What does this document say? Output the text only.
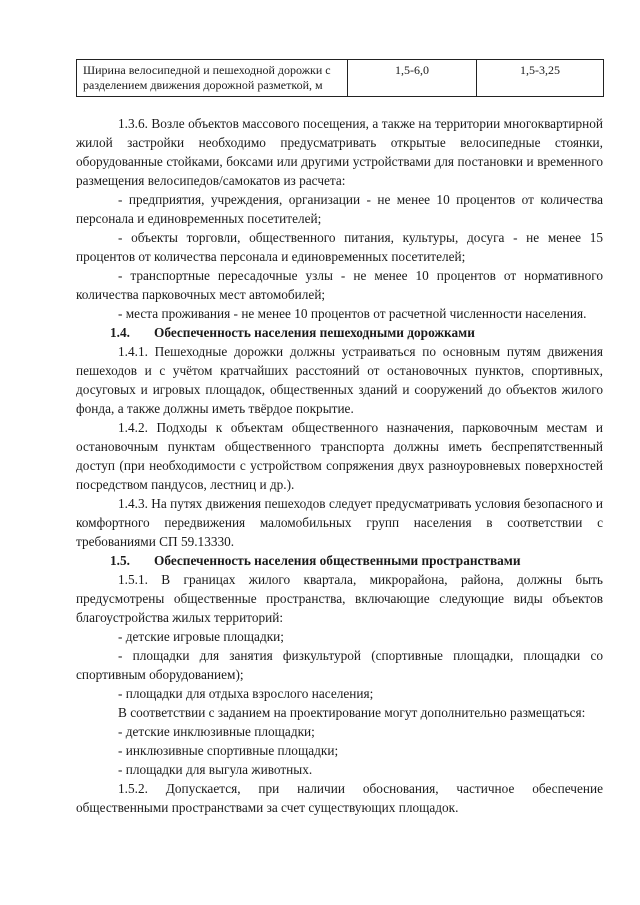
Ширина велосипедной и пешеходной дорожки с разделением движения дорожной разметкой, м	1,5-6,0	1,5-3,25

1.3.6. Возле объектов массового посещения, а также на территории многоквартирной жилой застройки необходимо предусматривать открытые велосипедные стоянки, оборудованные стойками, боксами или другими устройствами для постановки и временного размещения велосипедов/самокатов из расчета:

- предприятия, учреждения, организации - не менее 10 процентов от количества персонала и единовременных посетителей;

- объекты торговли, общественного питания, культуры, досуга - не менее 15 процентов от количества персонала и единовременных посетителей;

- транспортные пересадочные узлы - не менее 10 процентов от нормативного количества парковочных мест автомобилей;

- места проживания - не менее 10 процентов от расчетной численности населения.

1.4. Обеспеченность населения пешеходными дорожками

1.4.1. Пешеходные дорожки должны устраиваться по основным путям движения пешеходов и с учётом кратчайших расстояний от остановочных пунктов, спортивных, досуговых и игровых площадок, общественных зданий и сооружений до объектов жилого фонда, а также должны иметь твёрдое покрытие.

1.4.2. Подходы к объектам общественного назначения, парковочным местам и остановочным пунктам общественного транспорта должны иметь беспрепятственный доступ (при необходимости с устройством сопряжения двух разноуровневых поверхностей посредством пандусов, лестниц и др.).

1.4.3. На путях движения пешеходов следует предусматривать условия безопасного и комфортного передвижения маломобильных групп населения в соответствии с требованиями СП 59.13330.

1.5. Обеспеченность населения общественными пространствами

1.5.1. В границах жилого квартала, микрорайона, района, должны быть предусмотрены общественные пространства, включающие следующие виды объектов благоустройства жилых территорий:

- детские игровые площадки;

- площадки для занятия физкультурой (спортивные площадки, площадки со спортивным оборудованием);

- площадки для отдыха взрослого населения;

В соответствии с заданием на проектирование могут дополнительно размещаться:

- детские инклюзивные площадки;

- инклюзивные спортивные площадки;

- площадки для выгула животных.

1.5.2. Допускается, при наличии обоснования, частичное обеспечение общественными пространствами за счет существующих площадок.
